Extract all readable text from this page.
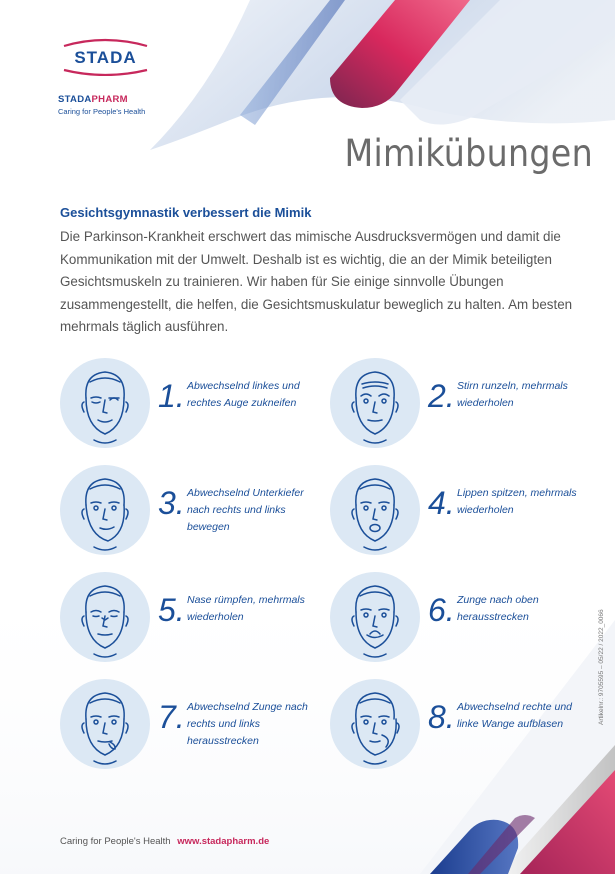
STADA
STADAPHARM
Caring for People's Health
Mimikübungen

Gesichtsgymnastik verbessert die Mimik

Die Parkinson-Krankheit erschwert das mimische Ausdrucksvermögen und damit die Kommunikation mit der Umwelt. Deshalb ist es wichtig, die an der Mimik beteiligten Gesichtsmuskeln zu trainieren. Wir haben für Sie einige sinnvolle Übungen zusammengestellt, die helfen, die Gesichtsmuskulatur beweglich zu halten. Am besten mehrmals täglich ausführen.

1. Abwechselnd linkes und rechtes Auge zukneifen	2. Stirn runzeln, mehrmals wiederholen
3. Abwechselnd Unterkiefer nach rechts und links bewegen
4. Lippen spitzen, mehrmals wiederholen
5. Nase rümpfen, mehrmals wiederholen	6. Zunge nach oben herausstrecken
7. Abwechselnd Zunge nach rechts und links herausstrecken
8. Abwechselnd rechte und linke Wange aufblasen	Artikelnr.: 9705595 – 05/22 / 2022_0066
Caring for People's Health www.stadapharm.de
